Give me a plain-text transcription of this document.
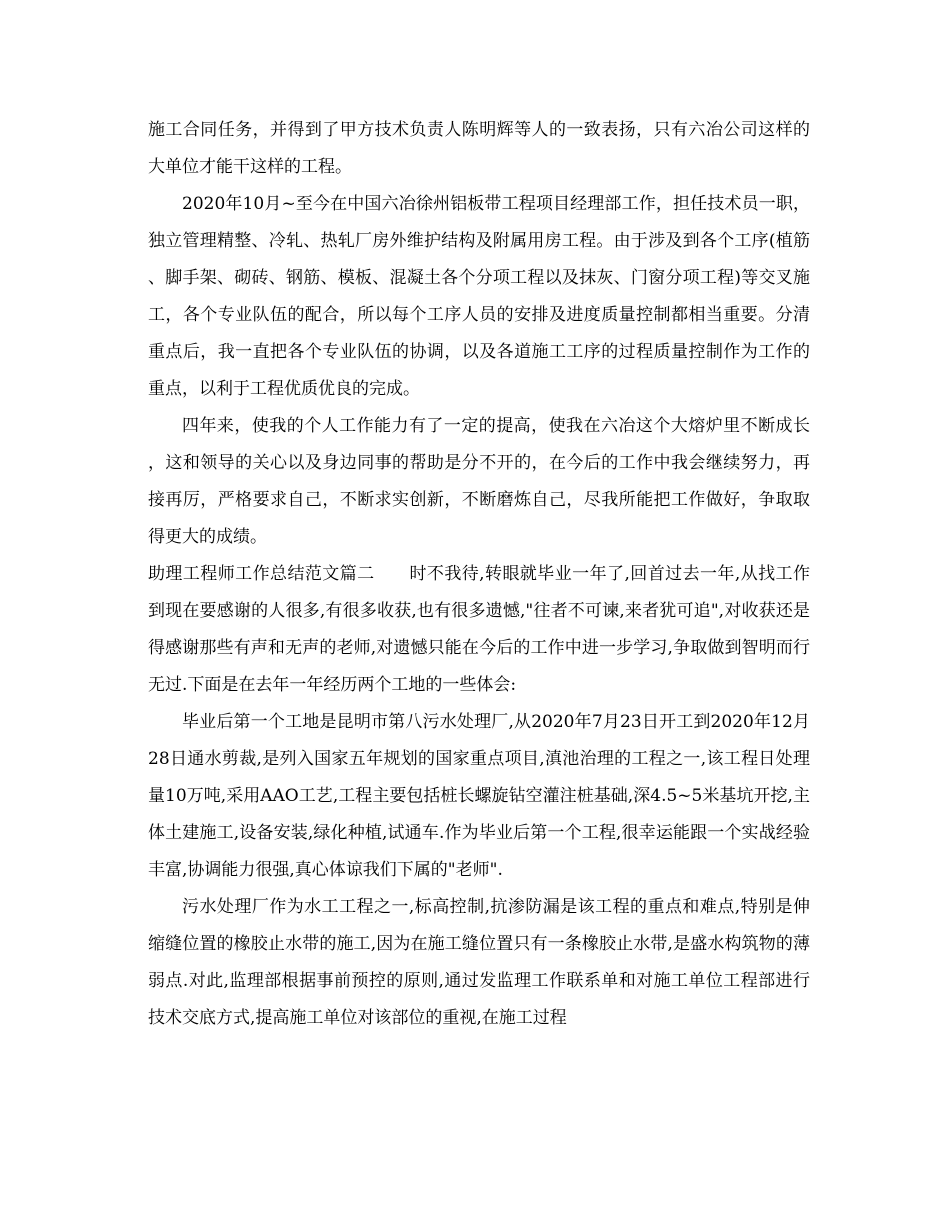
施工合同任务，并得到了甲方技术负责人陈明辉等人的一致表扬，只有六冶公司这样的大单位才能干这样的工程。

2020年10月~至今在中国六冶徐州铝板带工程项目经理部工作，担任技术员一职，独立管理精整、冷轧、热轧厂房外维护结构及附属用房工程。由于涉及到各个工序(植筋、脚手架、砌砖、钢筋、模板、混凝土各个分项工程以及抹灰、门窗分项工程)等交叉施工，各个专业队伍的配合，所以每个工序人员的安排及进度质量控制都相当重要。分清重点后，我一直把各个专业队伍的协调，以及各道施工工序的过程质量控制作为工作的重点，以利于工程优质优良的完成。

四年来，使我的个人工作能力有了一定的提高，使我在六冶这个大熔炉里不断成长，这和领导的关心以及身边同事的帮助是分不开的，在今后的工作中我会继续努力，再接再厉，严格要求自己，不断求实创新，不断磨炼自己，尽我所能把工作做好，争取取得更大的成绩。

助理工程师工作总结范文篇二　　时不我待,转眼就毕业一年了,回首过去一年,从找工作到现在要感谢的人很多,有很多收获,也有很多遗憾,"往者不可谏,来者犹可追",对收获还是得感谢那些有声和无声的老师,对遗憾只能在今后的工作中进一步学习,争取做到智明而行无过.下面是在去年一年经历两个工地的一些体会:

毕业后第一个工地是昆明市第八污水处理厂,从2020年7月23日开工到2020年12月28日通水剪裁,是列入国家五年规划的国家重点项目,滇池治理的工程之一,该工程日处理量10万吨,采用AAO工艺,工程主要包括桩长螺旋钻空灌注桩基础,深4.5~5米基坑开挖,主体土建施工,设备安装,绿化种植,试通车.作为毕业后第一个工程,很幸运能跟一个实战经验丰富,协调能力很强,真心体谅我们下属的"老师".

污水处理厂作为水工工程之一,标高控制,抗渗防漏是该工程的重点和难点,特别是伸缩缝位置的橡胶止水带的施工,因为在施工缝位置只有一条橡胶止水带,是盛水构筑物的薄弱点.对此,监理部根据事前预控的原则,通过发监理工作联系单和对施工单位工程部进行技术交底方式,提高施工单位对该部位的重视,在施工过程
